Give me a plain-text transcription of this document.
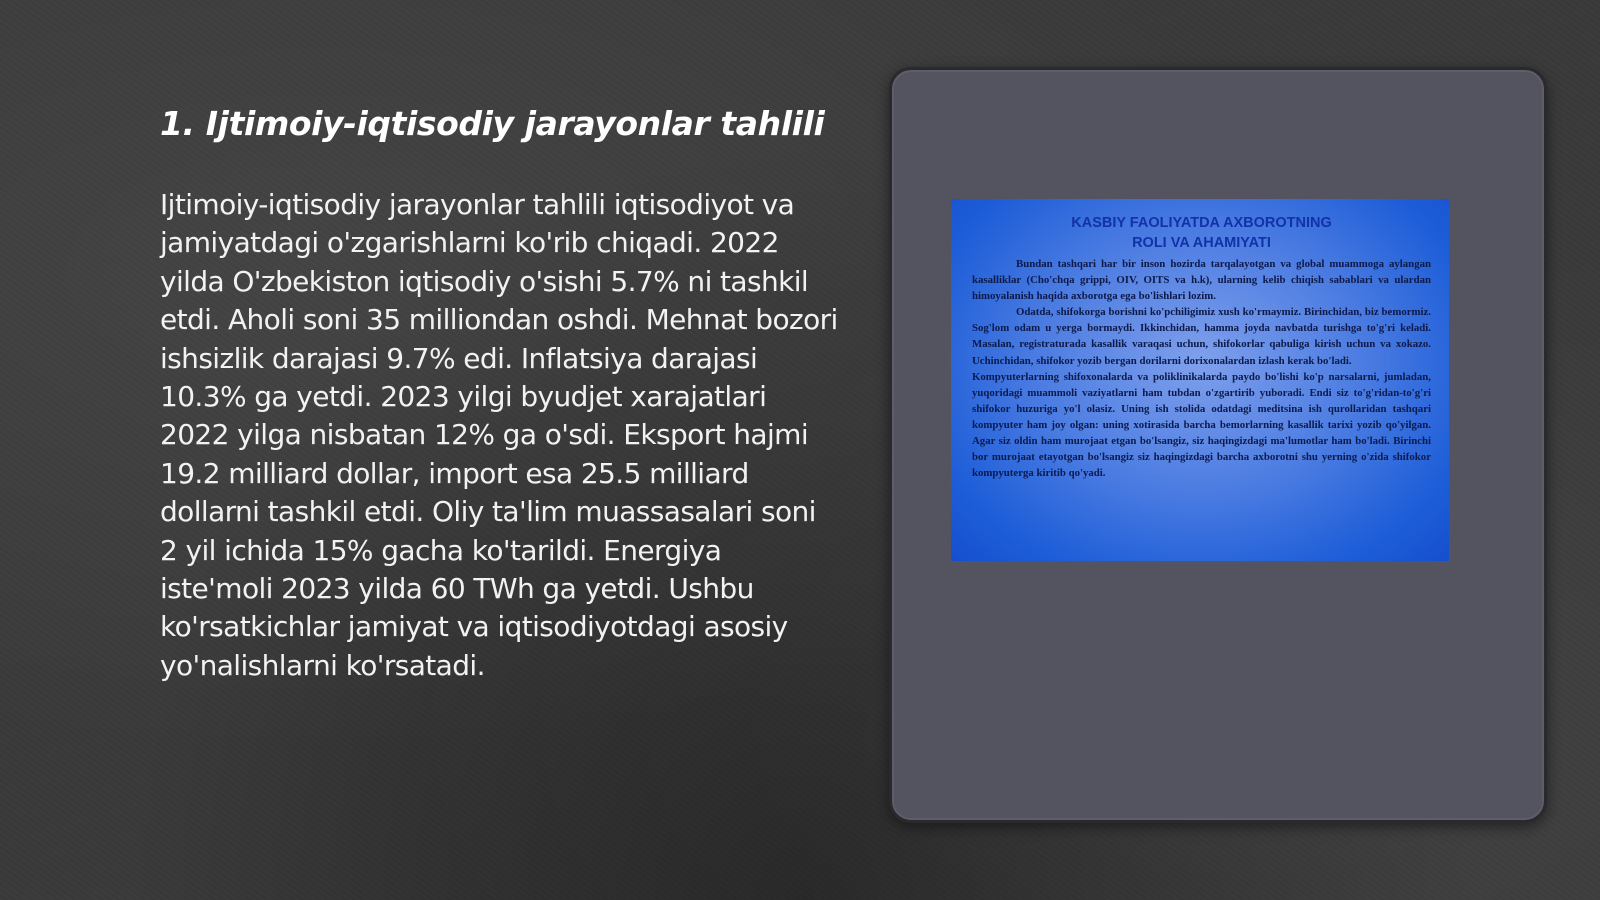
1. Ijtimoiy-iqtisodiy jarayonlar tahlili

Ijtimoiy-iqtisodiy jarayonlar tahlili iqtisodiyot va jamiyatdagi o'zgarishlarni ko'rib chiqadi. 2022 yilda O'zbekiston iqtisodiy o'sishi 5.7% ni tashkil etdi. Aholi soni 35 milliondan oshdi. Mehnat bozori ishsizlik darajasi 9.7% edi. Inflatsiya darajasi 10.3% ga yetdi. 2023 yilgi byudjet xarajatlari 2022 yilga nisbatan 12% ga o'sdi. Eksport hajmi 19.2 milliard dollar, import esa 25.5 milliard dollarni tashkil etdi. Oliy ta'lim muassasalari soni 2 yil ichida 15% gacha ko'tarildi. Energiya iste'moli 2023 yilda 60 TWh ga yetdi. Ushbu ko'rsatkichlar jamiyat va iqtisodiyotdagi asosiy yo'nalishlarni ko'rsatadi.

KASBIY FAOLIYATDA AXBOROTNING
ROLI VA AHAMIYATI

Bundan tashqari har bir inson hozirda tarqalayotgan va global muammoga aylangan kasalliklar (Cho'chqa grippi, OIV, OITS va h.k), ularning kelib chiqish sabablari va ulardan himoyalanish haqida axborotga ega bo'lishlari lozim.

Odatda, shifokorga borishni ko'pchiligimiz xush ko'rmaymiz. Birinchidan, biz bemormiz. Sog'lom odam u yerga bormaydi. Ikkinchidan, hamma joyda navbatda turishga to'g'ri keladi. Masalan, registraturada kasallik varaqasi uchun, shifokorlar qabuliga kirish uchun va xokazo. Uchinchidan, shifokor yozib bergan dorilarni dorixonalardan izlash kerak bo'ladi.

Kompyuterlarning shifoxonalarda va poliklinikalarda paydo bo'lishi ko'p narsalarni, jumladan, yuqoridagi muammoli vaziyatlarni ham tubdan o'zgartirib yuboradi. Endi siz to'g'ridan-to'g'ri shifokor huzuriga yo'l olasiz. Uning ish stolida odatdagi meditsina ish qurollaridan tashqari kompyuter ham joy olgan: uning xotirasida barcha bemorlarning kasallik tarixi yozib qo'yilgan. Agar siz oldin ham murojaat etgan bo'lsangiz, siz haqingizdagi ma'lumotlar ham bo'ladi. Birinchi bor murojaat etayotgan bo'lsangiz siz haqingizdagi barcha axborotni shu yerning o'zida shifokor kompyuterga kiritib qo'yadi.
